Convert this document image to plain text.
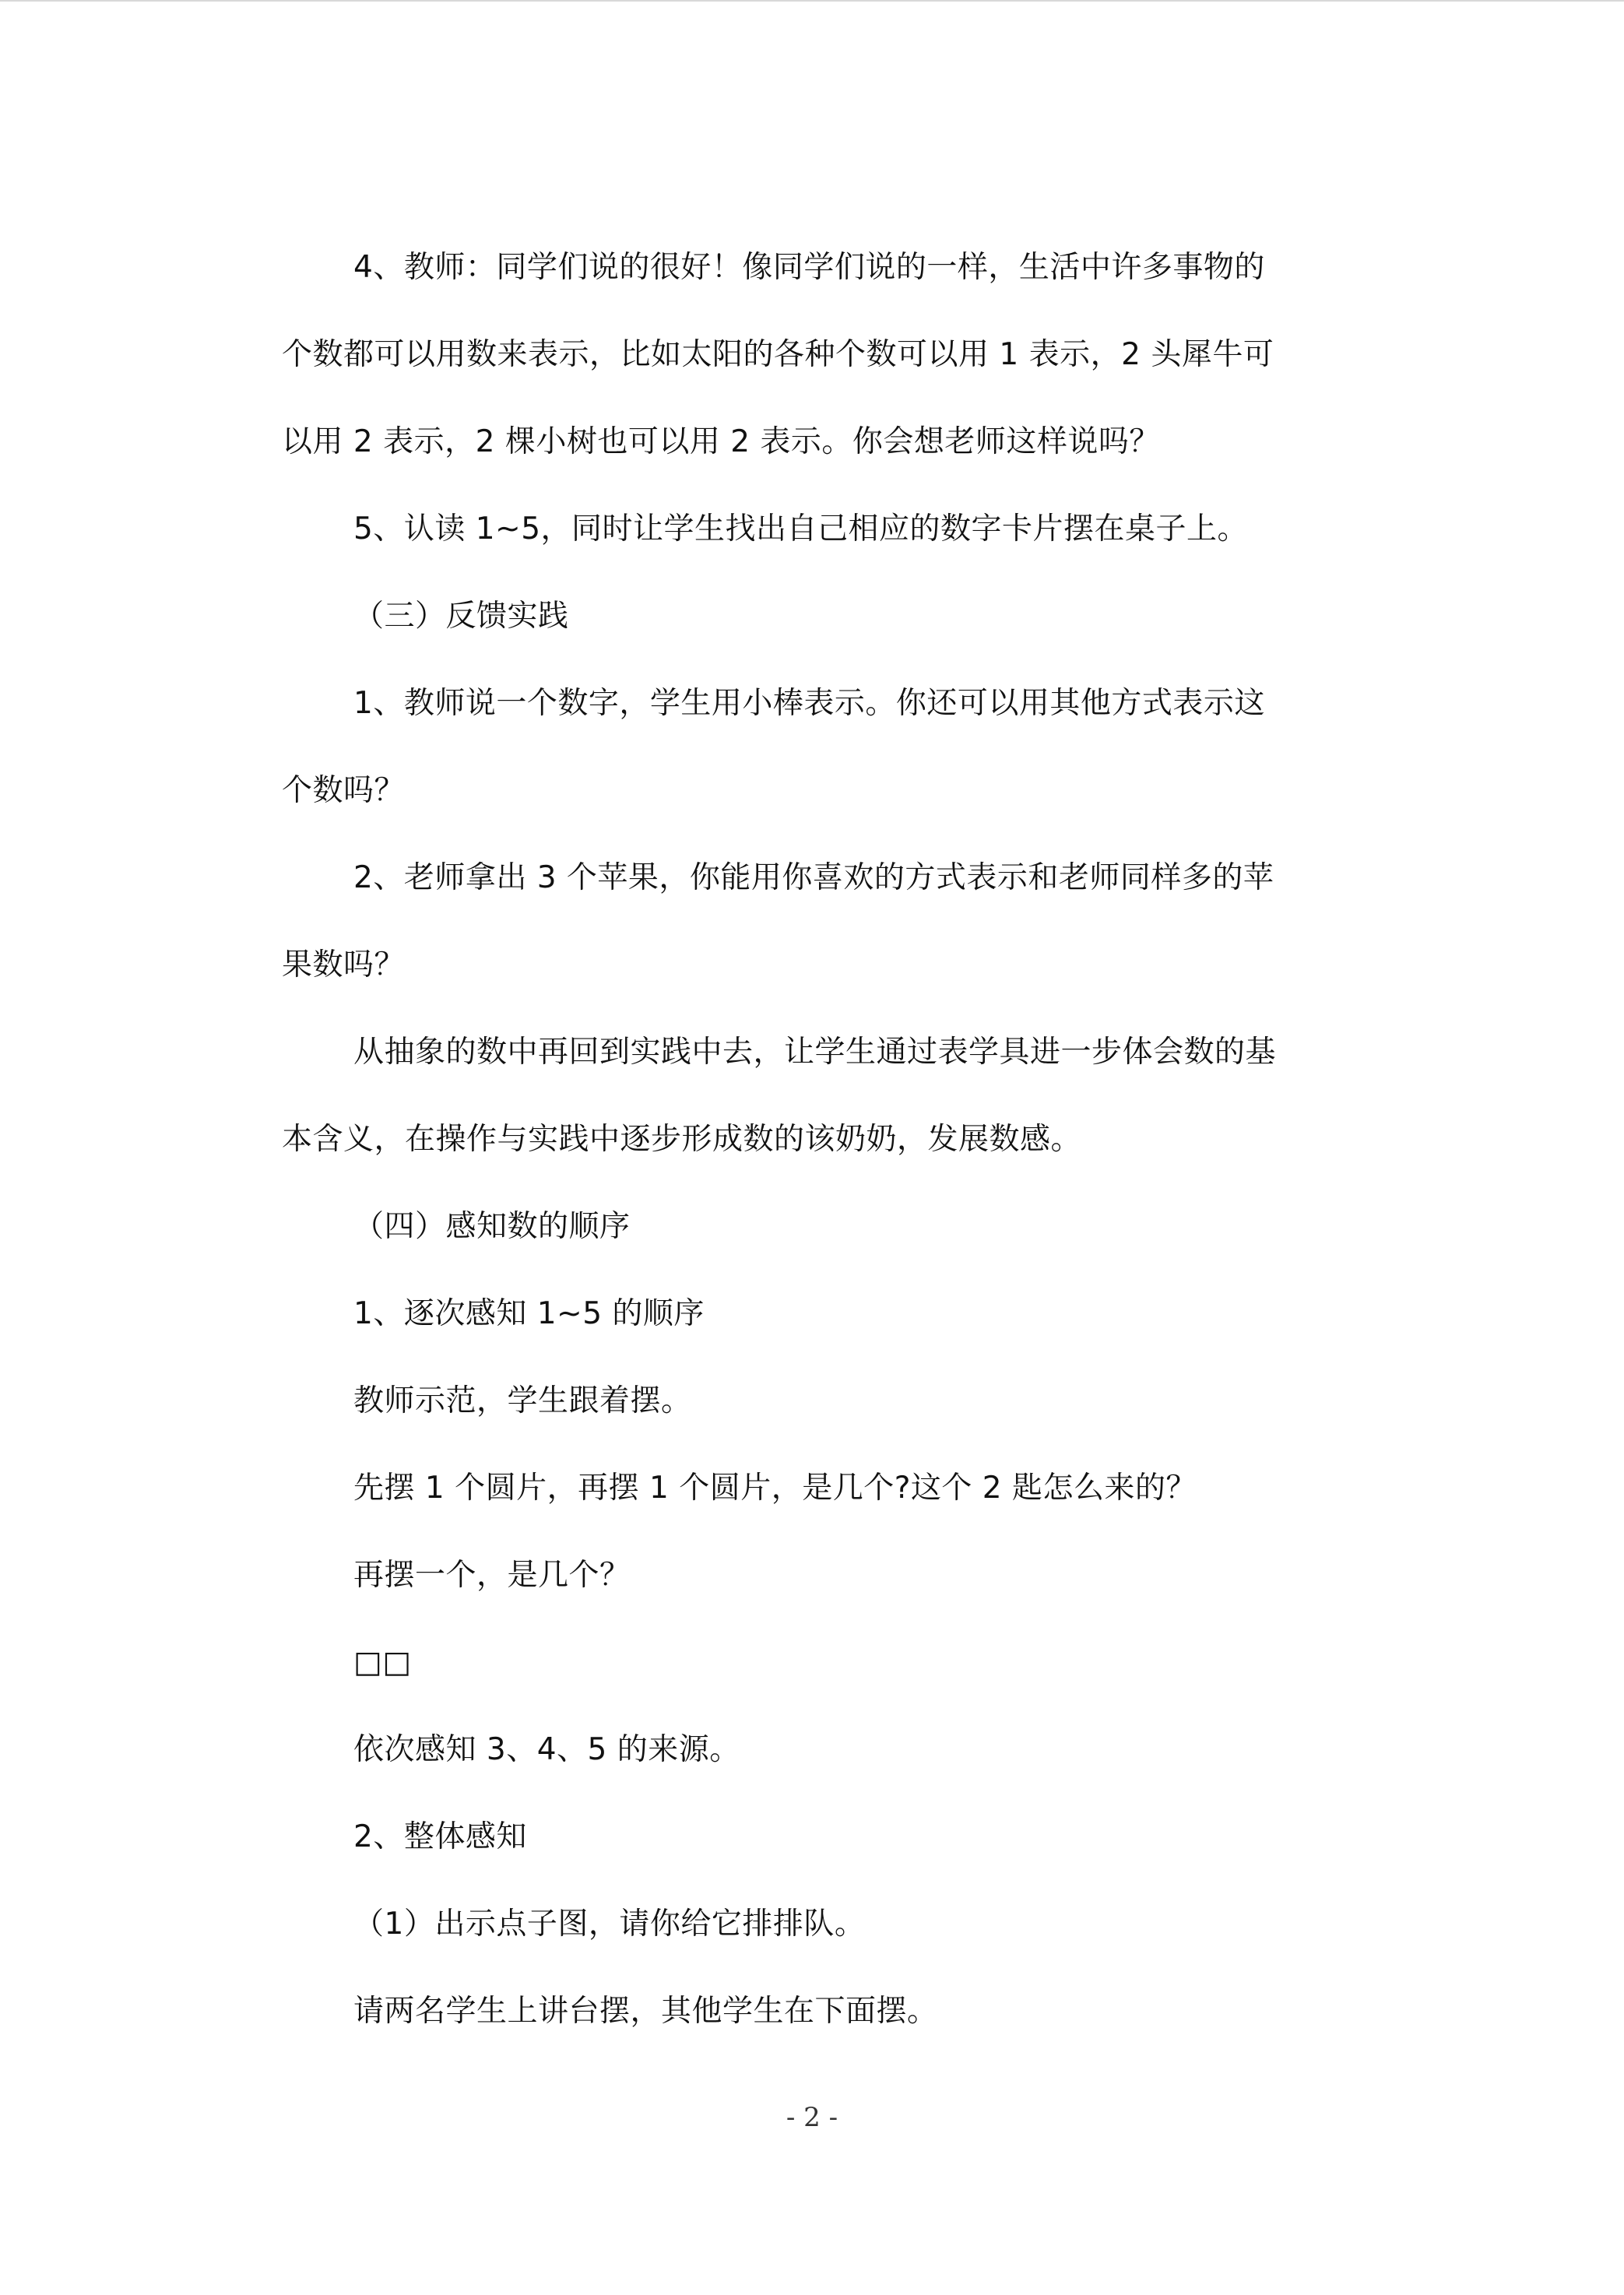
4、教师：同学们说的很好！像同学们说的一样，生活中许多事物的
个数都可以用数来表示，比如太阳的各种个数可以用 1 表示，2 头犀牛可
以用 2 表示，2 棵小树也可以用 2 表示。你会想老师这样说吗？
5、认读 1~5，同时让学生找出自己相应的数字卡片摆在桌子上。
（三）反馈实践
1、教师说一个数字，学生用小棒表示。你还可以用其他方式表示这
个数吗？
2、老师拿出 3 个苹果，你能用你喜欢的方式表示和老师同样多的苹
果数吗？
从抽象的数中再回到实践中去，让学生通过表学具进一步体会数的基
本含义，在操作与实践中逐步形成数的该奶奶，发展数感。
（四）感知数的顺序
1、逐次感知 1~5 的顺序
教师示范，学生跟着摆。
先摆 1 个圆片，再摆 1 个圆片，是几个?这个 2 匙怎么来的？
再摆一个，是几个？
□□
依次感知 3、4、5 的来源。
2、整体感知
（1）出示点子图，请你给它排排队。
请两名学生上讲台摆，其他学生在下面摆。
- 2 -
